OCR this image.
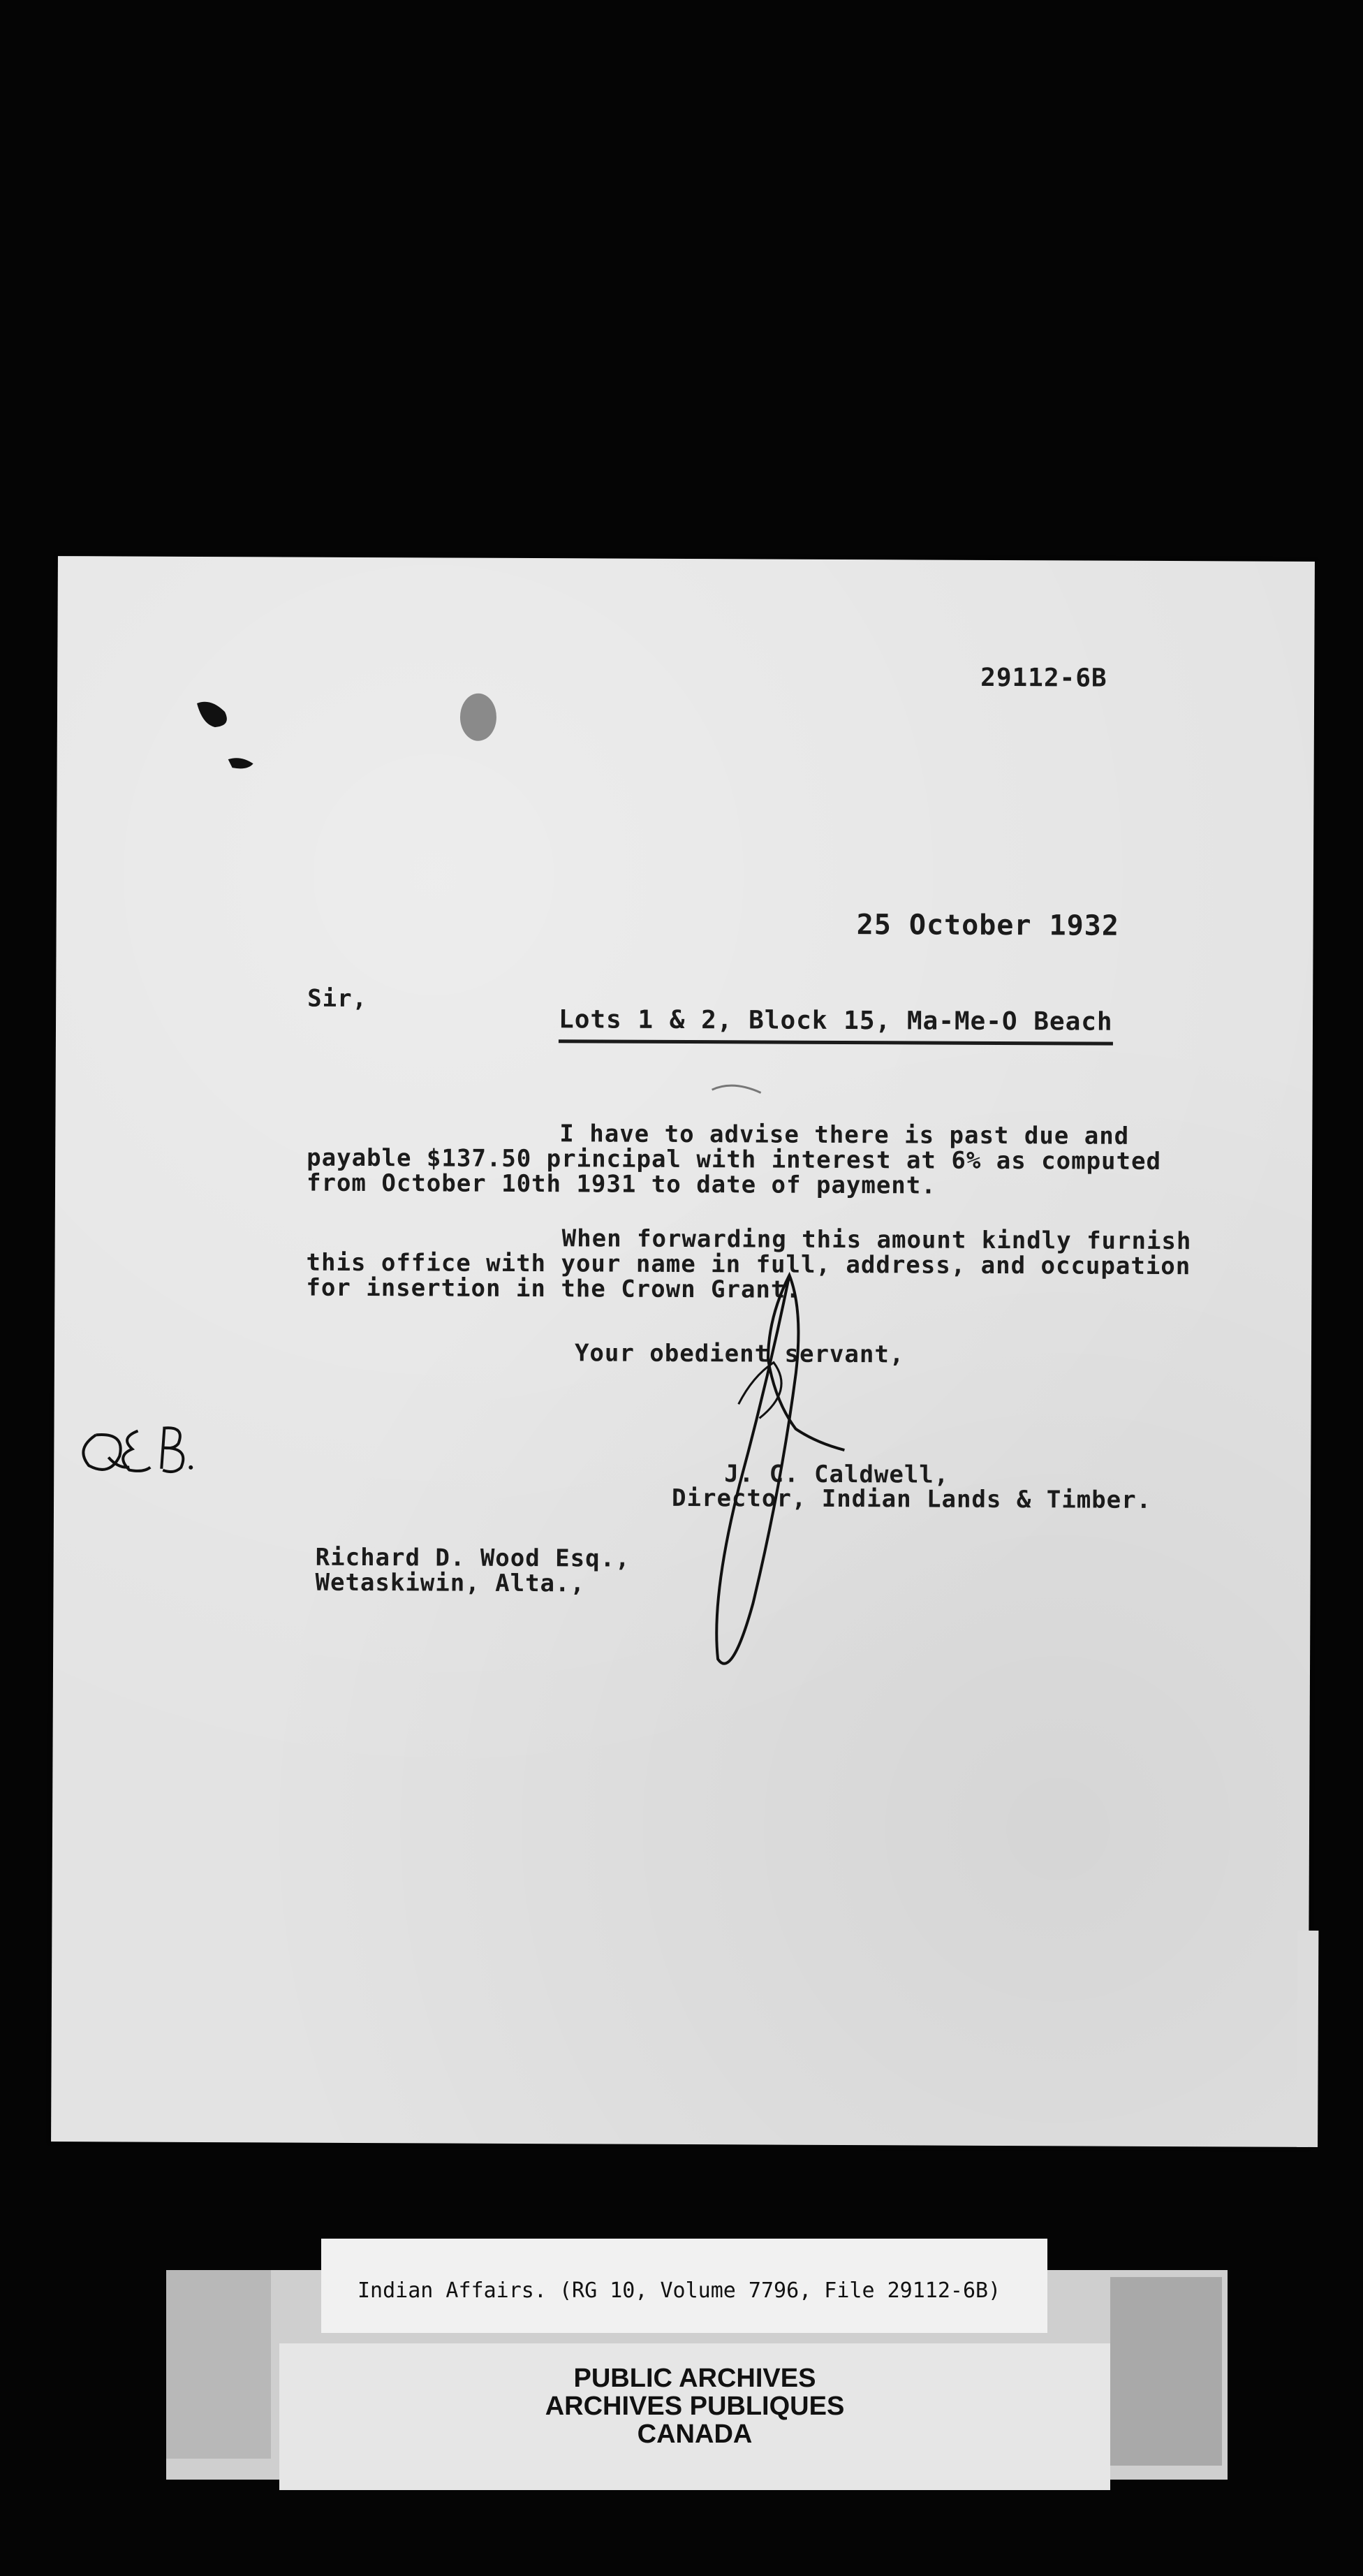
29112-6B
25 October 1932
Sir,
Lots 1 & 2, Block 15, Ma-Me-O Beach
I have to advise there is past due and
payable $137.50 principal with interest at 6% as computed
from October 10th 1931 to date of payment.
When forwarding this amount kindly furnish
this office with your name in full, address, and occupation
for insertion in the Crown Grant.
Your obedient servant,
J. C. Caldwell,
Director, Indian Lands & Timber.
Richard D. Wood Esq.,
Wetaskiwin, Alta.,
Indian Affairs. (RG 10, Volume 7796, File 29112-6B)
PUBLIC ARCHIVES
ARCHIVES PUBLIQUES
CANADA
